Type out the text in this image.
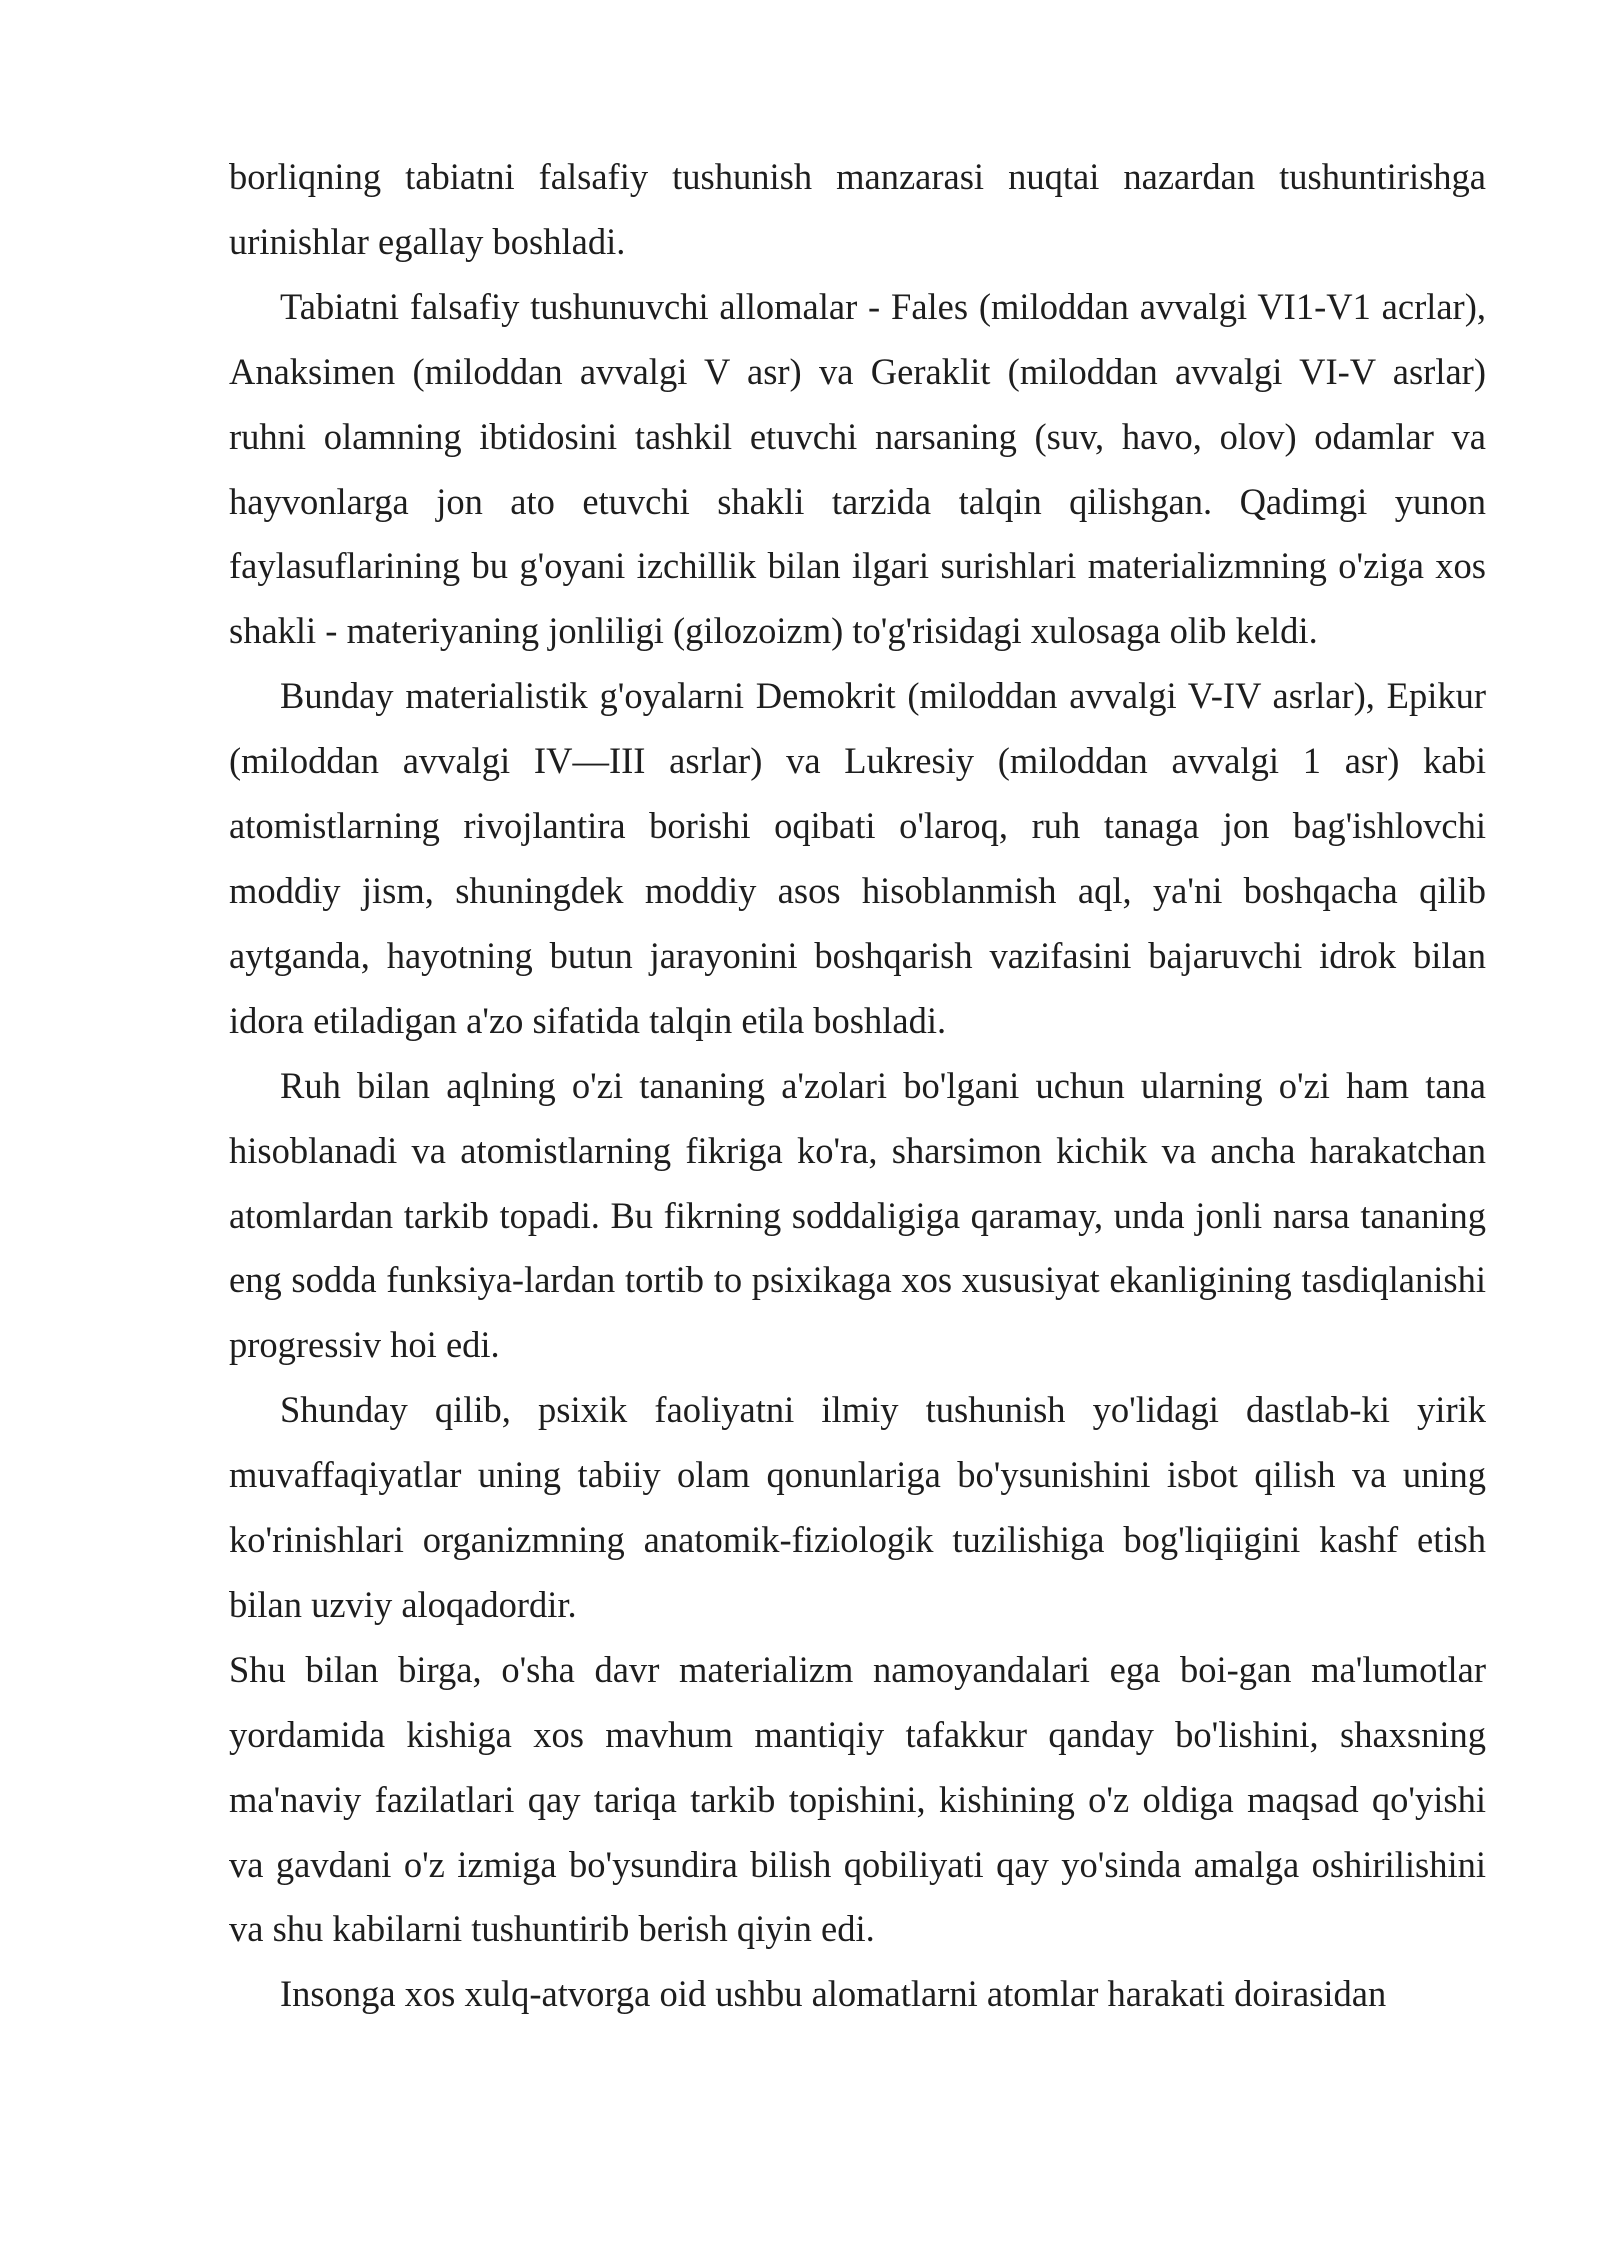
borliqning tabiatni falsafiy tushunish manzarasi nuqtai nazardan tushuntirishga urinishlar egallay boshladi.

Tabiatni falsafiy tushunuvchi allomalar - Fales (miloddan avvalgi VI1-V1 acrlar), Anaksimen (miloddan avvalgi V asr) va Geraklit (miloddan avvalgi VI-V asrlar) ruhni olamning ibtidosini tashkil etuvchi narsaning (suv, havo, olov) odamlar va hayvonlarga jon ato etuvchi shakli tarzida talqin qilishgan. Qadimgi yunon faylasuflarining bu g'oyani izchillik bilan ilgari surishlari materializmning o'ziga xos shakli - materiyaning jonliligi (gilozoizm) to'g'risidagi xulosaga olib keldi.

Bunday materialistik g'oyalarni Demokrit (miloddan avvalgi V-IV asrlar), Epikur (miloddan avvalgi IV—III asrlar) va Lukresiy (miloddan avvalgi 1 asr) kabi atomistlarning rivojlantira borishi oqibati o'laroq, ruh tanaga jon bag'ishlovchi moddiy jism, shuningdek moddiy asos hisoblanmish aql, ya'ni boshqacha qilib aytganda, hayotning butun jarayonini boshqarish vazifasini bajaruvchi idrok bilan idora etiladigan a'zo sifatida talqin etila boshladi.

Ruh bilan aqlning o'zi tananing a'zolari bo'lgani uchun ularning o'zi ham tana hisoblanadi va atomistlarning fikriga ko'ra, sharsimon kichik va ancha harakatchan atomlardan tarkib topadi. Bu fikrning soddaligiga qaramay, unda jonli narsa tananing eng sodda funksiya-lardan tortib to psixikaga xos xususiyat ekanligining tasdiqlanishi progressiv hoi edi.

Shunday qilib, psixik faoliyatni ilmiy tushunish yo'lidagi dastlab-ki yirik muvaffaqiyatlar uning tabiiy olam qonunlariga bo'ysunishini isbot qilish va uning ko'rinishlari organizmning anatomik-fiziologik tuzilishiga bog'liqiigini kashf etish bilan uzviy aloqadordir.

Shu bilan birga, o'sha davr materializm namoyandalari ega boi-gan ma'lumotlar yordamida kishiga xos mavhum mantiqiy tafakkur qanday bo'lishini, shaxsning ma'naviy fazilatlari qay tariqa tarkib topishini, kishining o'z oldiga maqsad qo'yishi va gavdani o'z izmiga bo'ysundira bilish qobiliyati qay yo'sinda amalga oshirilishini va shu kabilarni tushuntirib berish qiyin edi.

Insonga xos xulq-atvorga oid ushbu alomatlarni atomlar harakati doirasidan
